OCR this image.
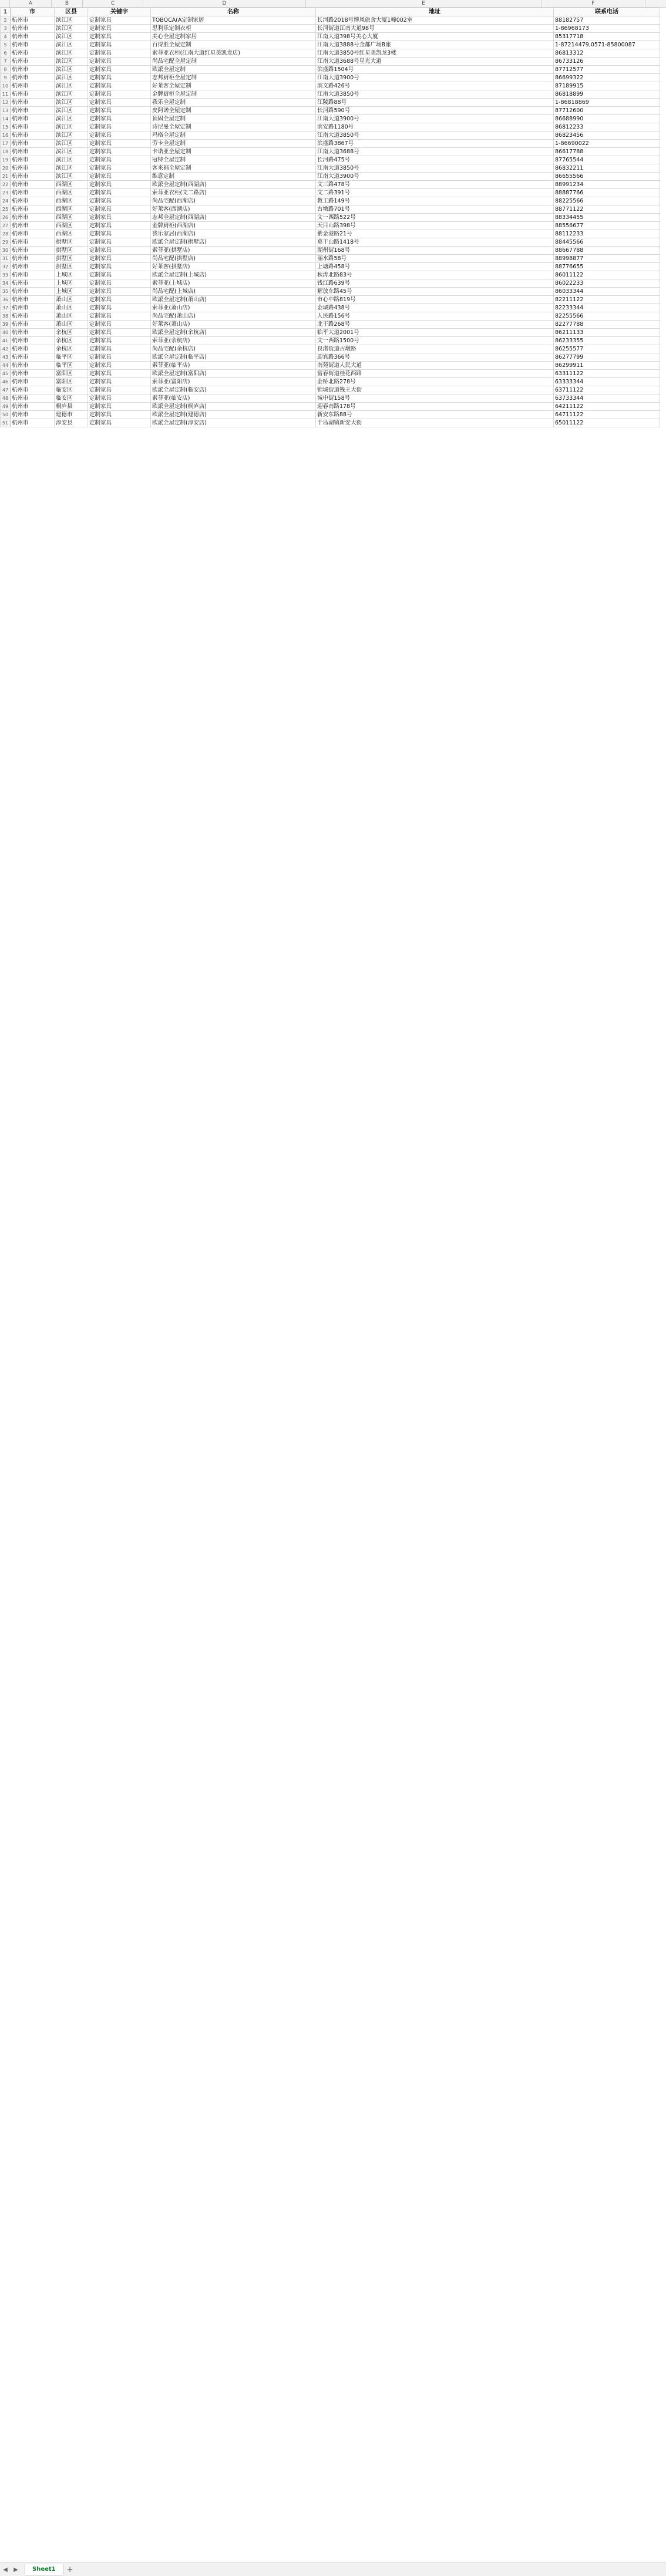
A	B	C	D	E	F
1	市	区县	关键字	名称	地址	联系电话
2	杭州市	滨江区	定制家具	TOBOCA(A定制家居	长河路2018号博凤旅舍大厦1幢002室	88182757
3	杭州市	滨江区	定制家具	思利乐定制衣柜	长河街道江南大道98号	1-86968173
4	杭州市	滨江区	定制家具	美心全屋定制家居	江南大道398号美心大厦	85317718
5	杭州市	滨江区	定制家具	百得胜全屋定制	江南大道3888号金都广场B座	1-87214479,0571-85800087
6	杭州市	滨江区	定制家具	索菲亚衣柜(江南大道红星美凯龙店)	江南大道3850号红星美凯龙3楼	86813312
7	杭州市	滨江区	定制家具	尚品宅配全屋定制	江南大道3688号星光大道	86733126
8	杭州市	滨江区	定制家具	欧派全屋定制	滨盛路1504号	87712577
9	杭州市	滨江区	定制家具	志邦厨柜全屋定制	江南大道3900号	86699322
10	杭州市	滨江区	定制家具	好莱客全屋定制	滨文路426号	87189915
11	杭州市	滨江区	定制家具	金牌厨柜全屋定制	江南大道3850号	86818899
12	杭州市	滨江区	定制家具	我乐全屋定制	江陵路88号	1-86818869
13	杭州市	滨江区	定制家具	皮阿诺全屋定制	长河路590号	87712600
14	杭州市	滨江区	定制家具	顶固全屋定制	江南大道3900号	86688990
15	杭州市	滨江区	定制家具	诗尼曼全屋定制	滨安路1180号	86812233
16	杭州市	滨江区	定制家具	玛格全屋定制	江南大道3850号	86823456
17	杭州市	滨江区	定制家具	劳卡全屋定制	滨盛路3867号	1-86690022
18	杭州市	滨江区	定制家具	卡诺亚全屋定制	江南大道3688号	86617788
19	杭州市	滨江区	定制家具	冠特全屋定制	长河路475号	87765544
20	杭州市	滨江区	定制家具	客来福全屋定制	江南大道3850号	86832211
21	杭州市	滨江区	定制家具	维意定制	江南大道3900号	86655566
22	杭州市	西湖区	定制家具	欧派全屋定制(西湖店)	文三路478号	88991234
23	杭州市	西湖区	定制家具	索菲亚衣柜(文二路店)	文二路391号	88887766
24	杭州市	西湖区	定制家具	尚品宅配(西湖店)	教工路149号	88225566
25	杭州市	西湖区	定制家具	好莱客(西湖店)	古墩路701号	88771122
26	杭州市	西湖区	定制家具	志邦全屋定制(西湖店)	文一西路522号	88334455
27	杭州市	西湖区	定制家具	金牌厨柜(西湖店)	天目山路398号	88556677
28	杭州市	西湖区	定制家具	我乐家居(西湖店)	紫金港路21号	88112233
29	杭州市	拱墅区	定制家具	欧派全屋定制(拱墅店)	莫干山路1418号	88445566
30	杭州市	拱墅区	定制家具	索菲亚(拱墅店)	湖州街168号	88667788
31	杭州市	拱墅区	定制家具	尚品宅配(拱墅店)	丽水路58号	88998877
32	杭州市	拱墅区	定制家具	好莱客(拱墅店)	上塘路458号	88776655
33	杭州市	上城区	定制家具	欧派全屋定制(上城店)	秋涛北路83号	86011122
34	杭州市	上城区	定制家具	索菲亚(上城店)	钱江路639号	86022233
35	杭州市	上城区	定制家具	尚品宅配(上城店)	解放东路45号	86033344
36	杭州市	萧山区	定制家具	欧派全屋定制(萧山店)	市心中路819号	82211122
37	杭州市	萧山区	定制家具	索菲亚(萧山店)	金城路438号	82233344
38	杭州市	萧山区	定制家具	尚品宅配(萧山店)	人民路156号	82255566
39	杭州市	萧山区	定制家具	好莱客(萧山店)	北干路268号	82277788
40	杭州市	余杭区	定制家具	欧派全屋定制(余杭店)	临平大道2001号	86211133
41	杭州市	余杭区	定制家具	索菲亚(余杭店)	文一西路1500号	86233355
42	杭州市	余杭区	定制家具	尚品宅配(余杭店)	良渚街道古墩路	86255577
43	杭州市	临平区	定制家具	欧派全屋定制(临平店)	迎宾路366号	86277799
44	杭州市	临平区	定制家具	索菲亚(临平店)	南苑街道人民大道	86299911
45	杭州市	富阳区	定制家具	欧派全屋定制(富阳店)	富春街道桂花西路	63311122
46	杭州市	富阳区	定制家具	索菲亚(富阳店)	金桥北路278号	63333344
47	杭州市	临安区	定制家具	欧派全屋定制(临安店)	锦城街道钱王大街	63711122
48	杭州市	临安区	定制家具	索菲亚(临安店)	城中街158号	63733344
49	杭州市	桐庐县	定制家具	欧派全屋定制(桐庐店)	迎春南路178号	64211122
50	杭州市	建德市	定制家具	欧派全屋定制(建德店)	新安东路88号	64711122
51	杭州市	淳安县	定制家具	欧派全屋定制(淳安店)	千岛湖镇新安大街	65011122
◀	▶	Sheet1	+
